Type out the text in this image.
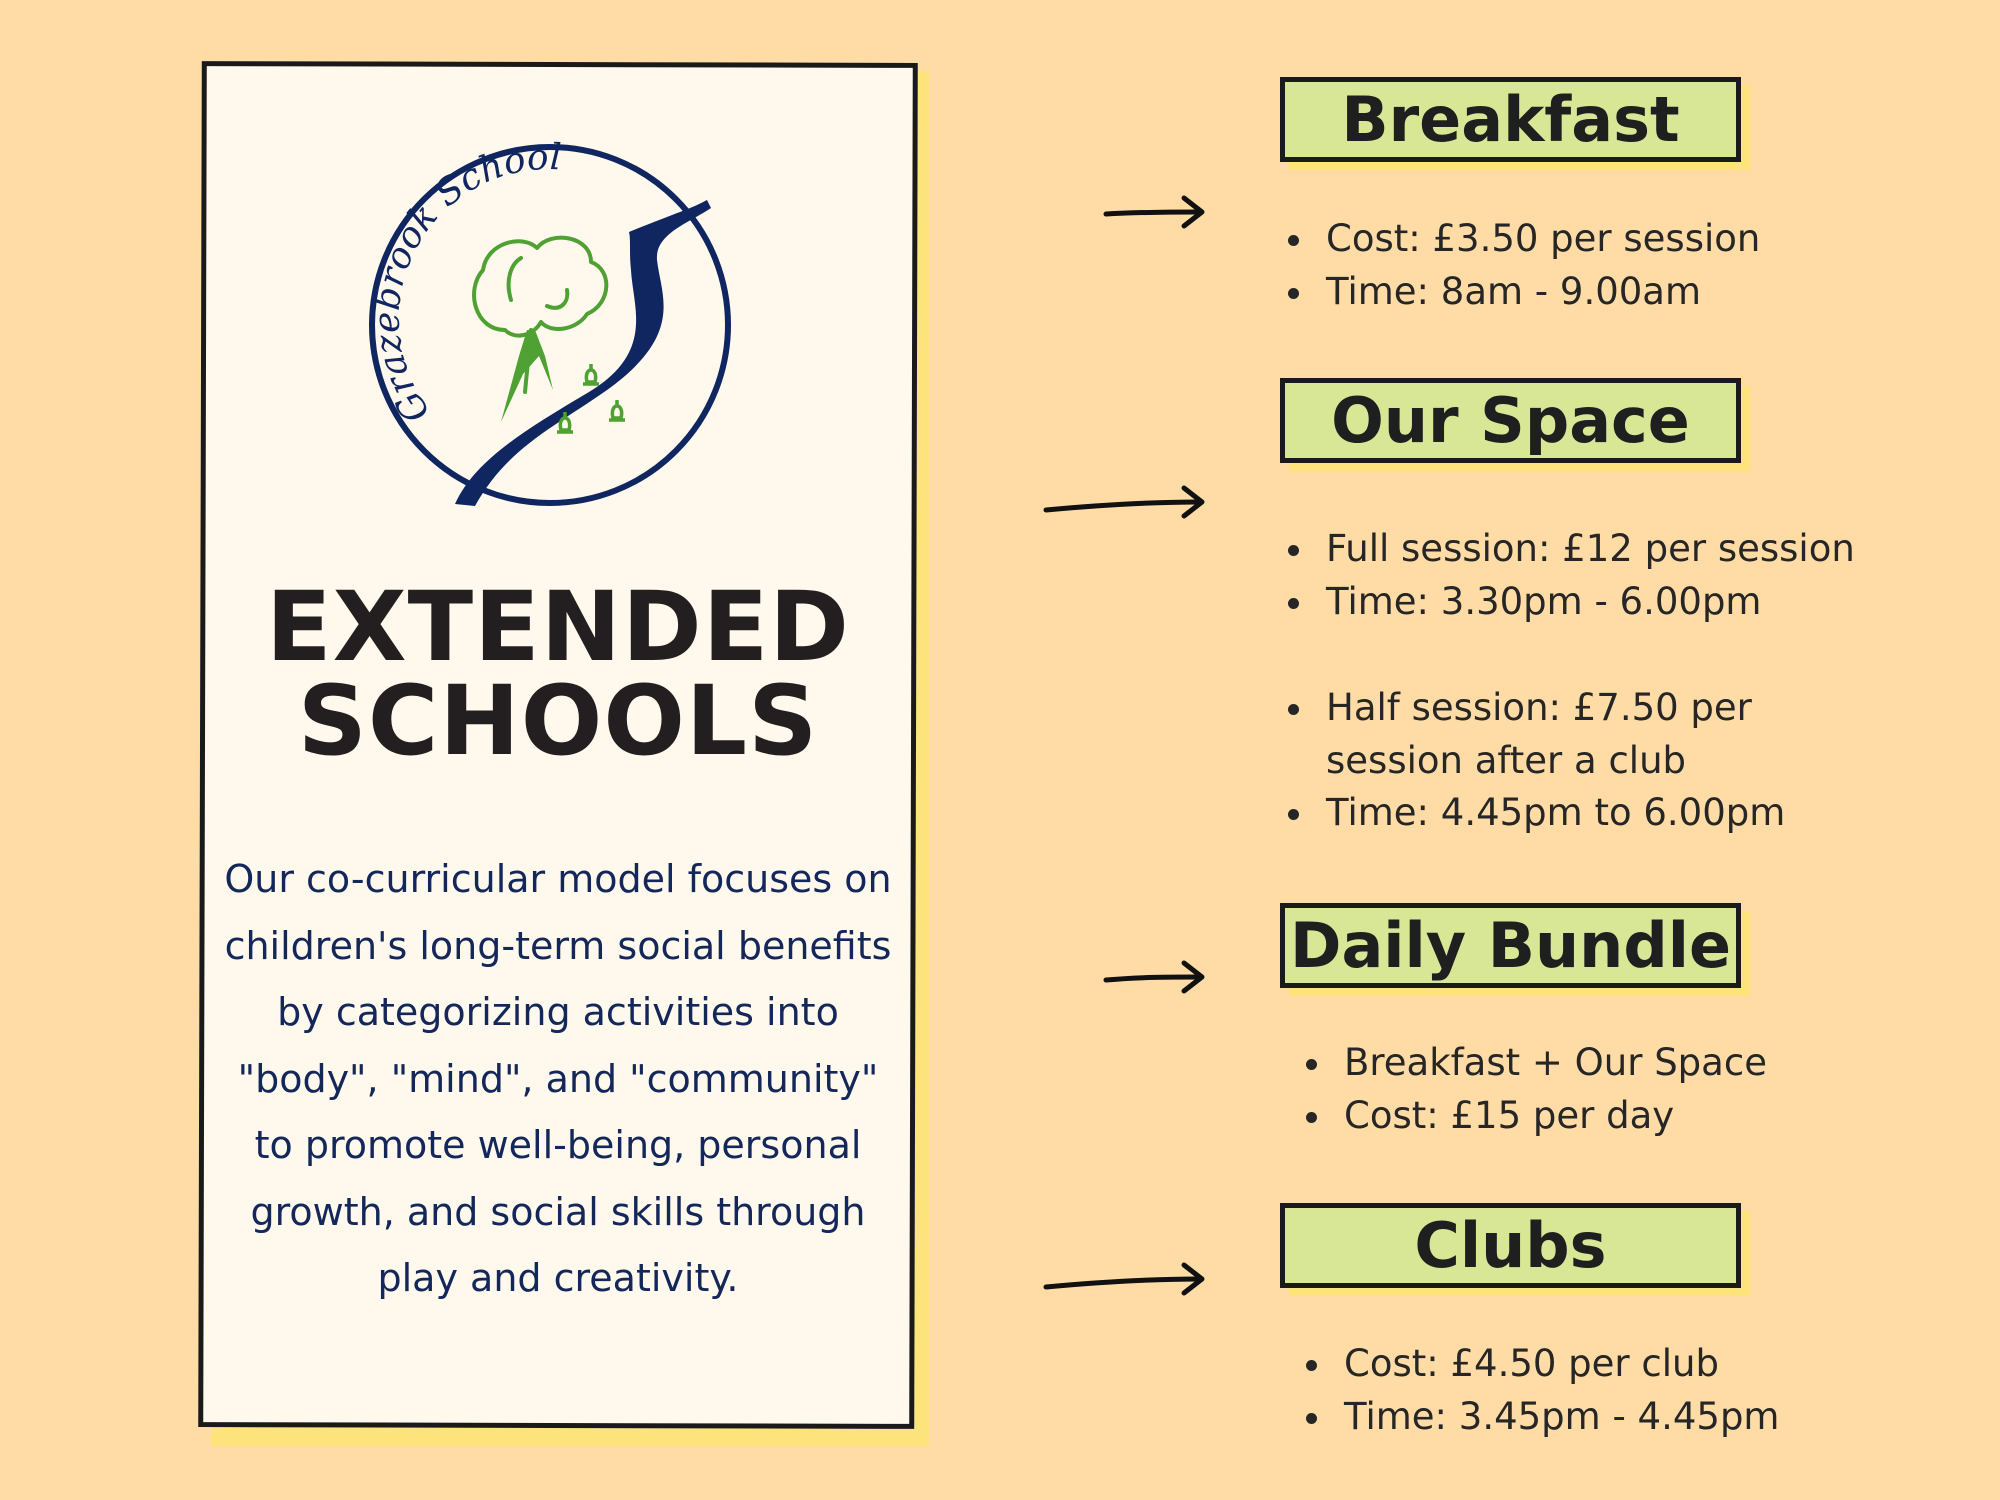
Grazebrook School
EXTENDED
SCHOOLS

Our co-curricular model focuses on children's long-term social benefits by categorizing activities into "body", "mind", and "community" to promote well-being, personal growth, and social skills through play and creativity.

Breakfast
Cost: £3.50 per session
Time: 8am - 9.00am
Our Space
Full session: £12 per session
Time: 3.30pm - 6.00pm
Half session: £7.50 per session after a club
Time: 4.45pm to 6.00pm
Daily Bundle
Breakfast + Our Space
Cost: £15 per day
Clubs
Cost: £4.50 per club
Time: 3.45pm - 4.45pm
